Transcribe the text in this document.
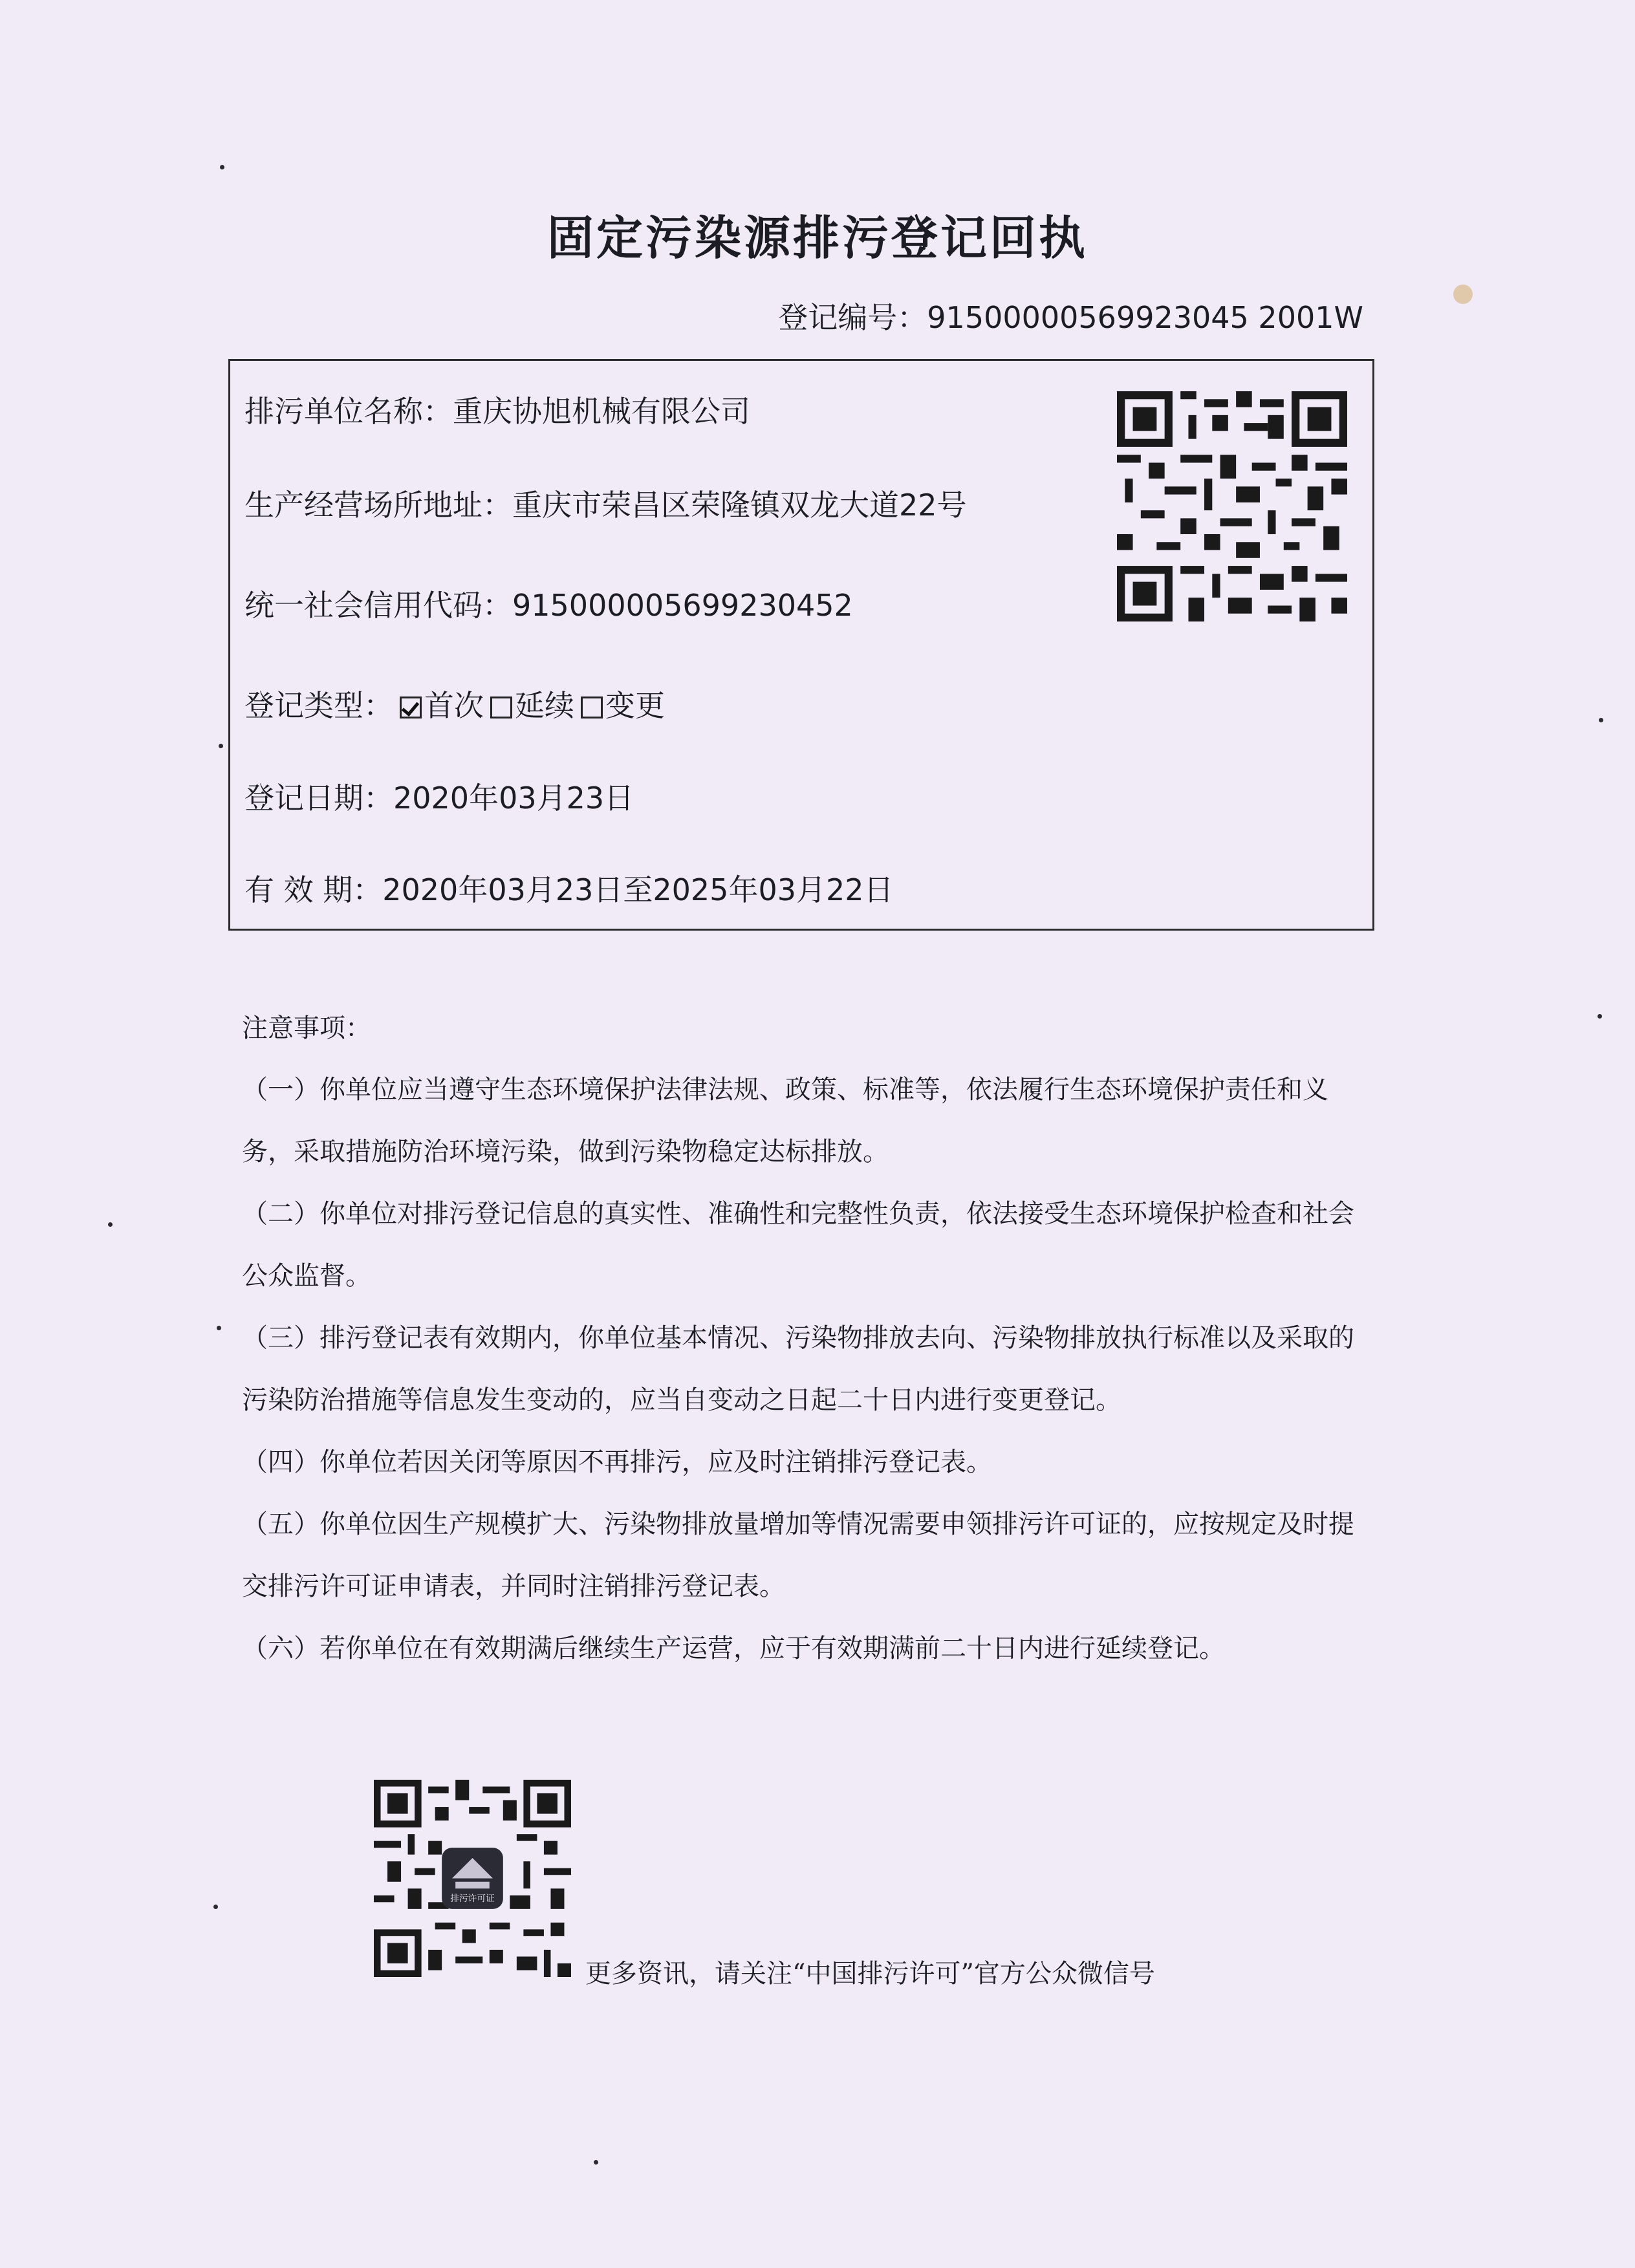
固定污染源排污登记回执
登记编号：91500000569923045 2001W
排污单位名称：重庆协旭机械有限公司
生产经营场所地址：重庆市荣昌区荣隆镇双龙大道22号
统一社会信用代码：915000005699230452
登记类型： 首次 延续 变更
登记日期：2020年03月23日
有 效 期：2020年03月23日至2025年03月22日
注意事项：
（一）你单位应当遵守生态环境保护法律法规、政策、标准等，依法履行生态环境保护责任和义务，采取措施防治环境污染，做到污染物稳定达标排放。
（二）你单位对排污登记信息的真实性、准确性和完整性负责，依法接受生态环境保护检查和社会公众监督。
（三）排污登记表有效期内，你单位基本情况、污染物排放去向、污染物排放执行标准以及采取的污染防治措施等信息发生变动的，应当自变动之日起二十日内进行变更登记。
（四）你单位若因关闭等原因不再排污，应及时注销排污登记表。
（五）你单位因生产规模扩大、污染物排放量增加等情况需要申领排污许可证的，应按规定及时提交排污许可证申请表，并同时注销排污登记表。
（六）若你单位在有效期满后继续生产运营，应于有效期满前二十日内进行延续登记。
排污许可证
更多资讯，请关注“中国排污许可”官方公众微信号
